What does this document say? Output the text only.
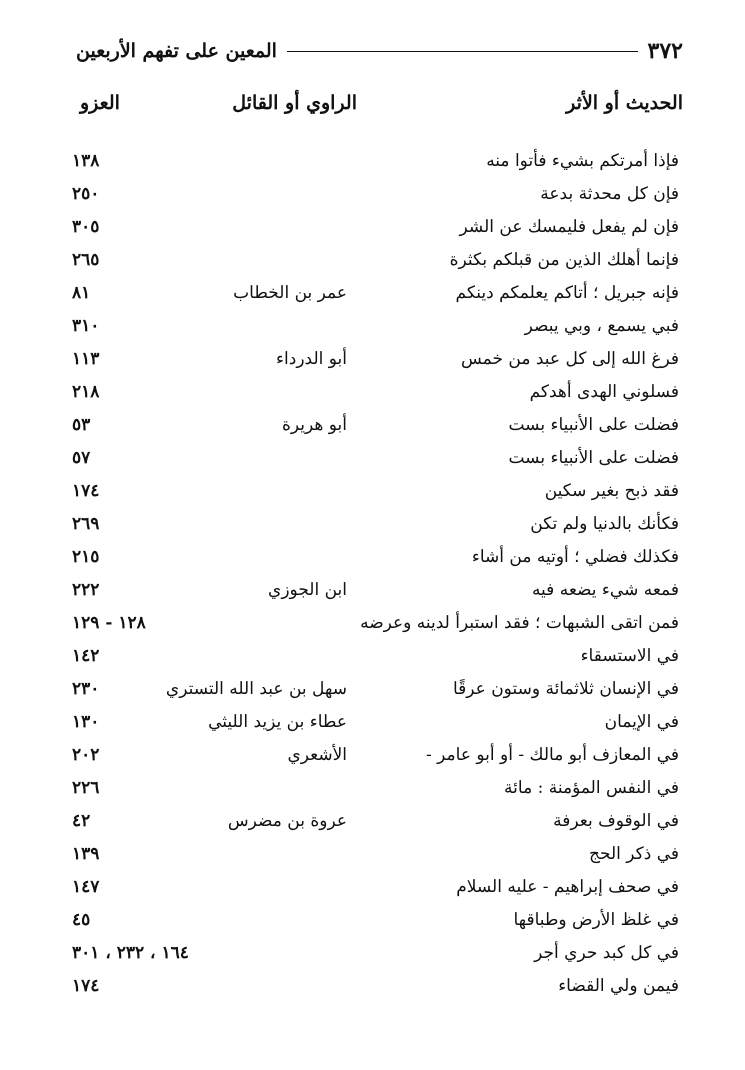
٣٧٢
المعين على تفهم الأربعين
الحديث أو الأثر
الراوي أو القائل
العزو
فإذا أمرتكم بشيء فأتوا منه
١٣٨
فإن كل محدثة بدعة
٢٥٠
فإن لم يفعل فليمسك عن الشر
٣٠٥
فإنما أهلك الذين من قبلكم بكثرة
٢٦٥
فإنه جبريل ؛ أتاكم يعلمكم دينكم
عمر بن الخطاب
٨١
فبي يسمع ، وبي يبصر
٣١٠
فرغ الله إلى كل عبد من خمس
أبو الدرداء
١١٣
فسلوني الهدى أهدكم
٢١٨
فضلت على الأنبياء بست
أبو هريرة
٥٣
فضلت على الأنبياء بست
٥٧
فقد ذبح بغير سكين
١٧٤
فكأنك بالدنيا ولم تكن
٢٦٩
فكذلك فضلي ؛ أوتيه من أشاء
٢١٥
فمعه شيء يضعه فيه
ابن الجوزي
٢٢٢
فمن اتقى الشبهات ؛ فقد استبرأ لدينه وعرضه
١٢٨ - ١٢٩
في الاستسقاء
١٤٢
في الإنسان ثلاثمائة وستون عرقًا
سهل بن عبد الله التستري
٢٣٠
في الإيمان
عطاء بن يزيد الليثي
١٣٠
في المعازف أبو مالك - أو أبو عامر -
الأشعري
٢٠٢
في النفس المؤمنة : مائة
٢٢٦
في الوقوف بعرفة
عروة بن مضرس
٤٢
في ذكر الحج
١٣٩
في صحف إبراهيم - عليه السلام
١٤٧
في غلظ الأرض وطباقها
٤٥
في كل كبد حري أجر
١٦٤ ، ٢٣٢ ، ٣٠١
فيمن ولي القضاء
١٧٤
